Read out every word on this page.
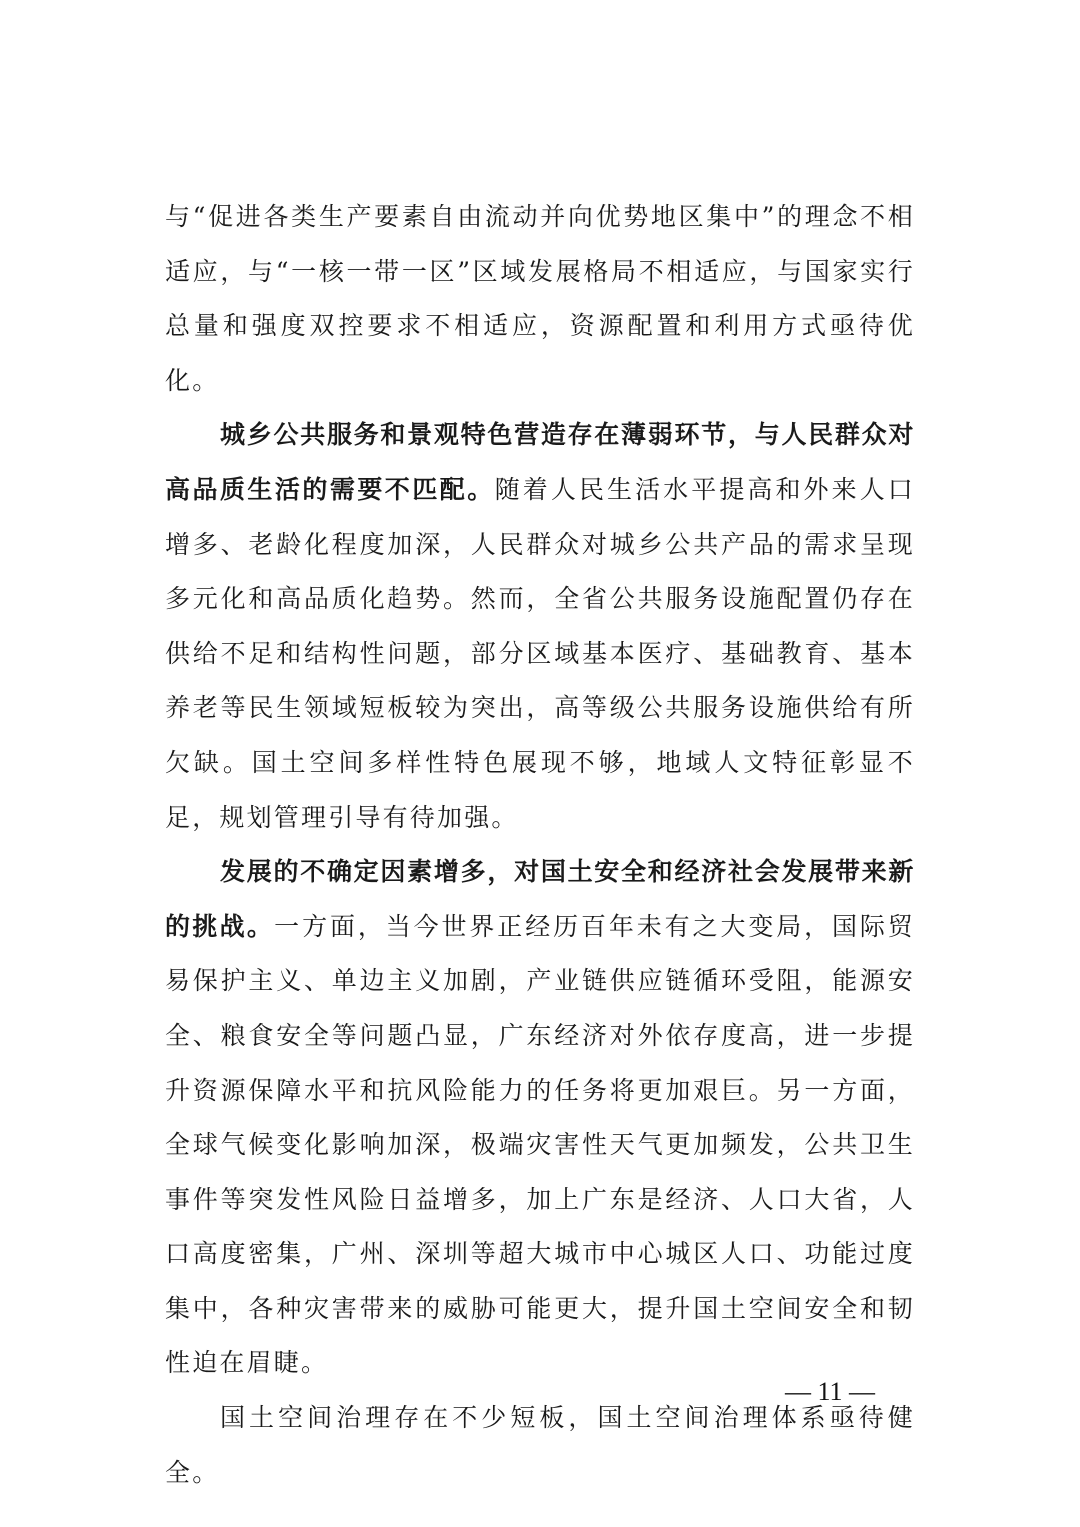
与“促进各类生产要素自由流动并向优势地区集中”的理念不相适应，与“一核一带一区”区域发展格局不相适应，与国家实行总量和强度双控要求不相适应，资源配置和利用方式亟待优化。

城乡公共服务和景观特色营造存在薄弱环节，与人民群众对高品质生活的需要不匹配。随着人民生活水平提高和外来人口增多、老龄化程度加深，人民群众对城乡公共产品的需求呈现多元化和高品质化趋势。然而，全省公共服务设施配置仍存在供给不足和结构性问题，部分区域基本医疗、基础教育、基本养老等民生领域短板较为突出，高等级公共服务设施供给有所欠缺。国土空间多样性特色展现不够，地域人文特征彰显不足，规划管理引导有待加强。

发展的不确定因素增多，对国土安全和经济社会发展带来新的挑战。一方面，当今世界正经历百年未有之大变局，国际贸易保护主义、单边主义加剧，产业链供应链循环受阻，能源安全、粮食安全等问题凸显，广东经济对外依存度高，进一步提升资源保障水平和抗风险能力的任务将更加艰巨。另一方面，全球气候变化影响加深，极端灾害性天气更加频发，公共卫生事件等突发性风险日益增多，加上广东是经济、人口大省，人口高度密集，广州、深圳等超大城市中心城区人口、功能过度集中，各种灾害带来的威胁可能更大，提升国土空间安全和韧性迫在眉睫。

国土空间治理存在不少短板，国土空间治理体系亟待健全。

— 11 —
